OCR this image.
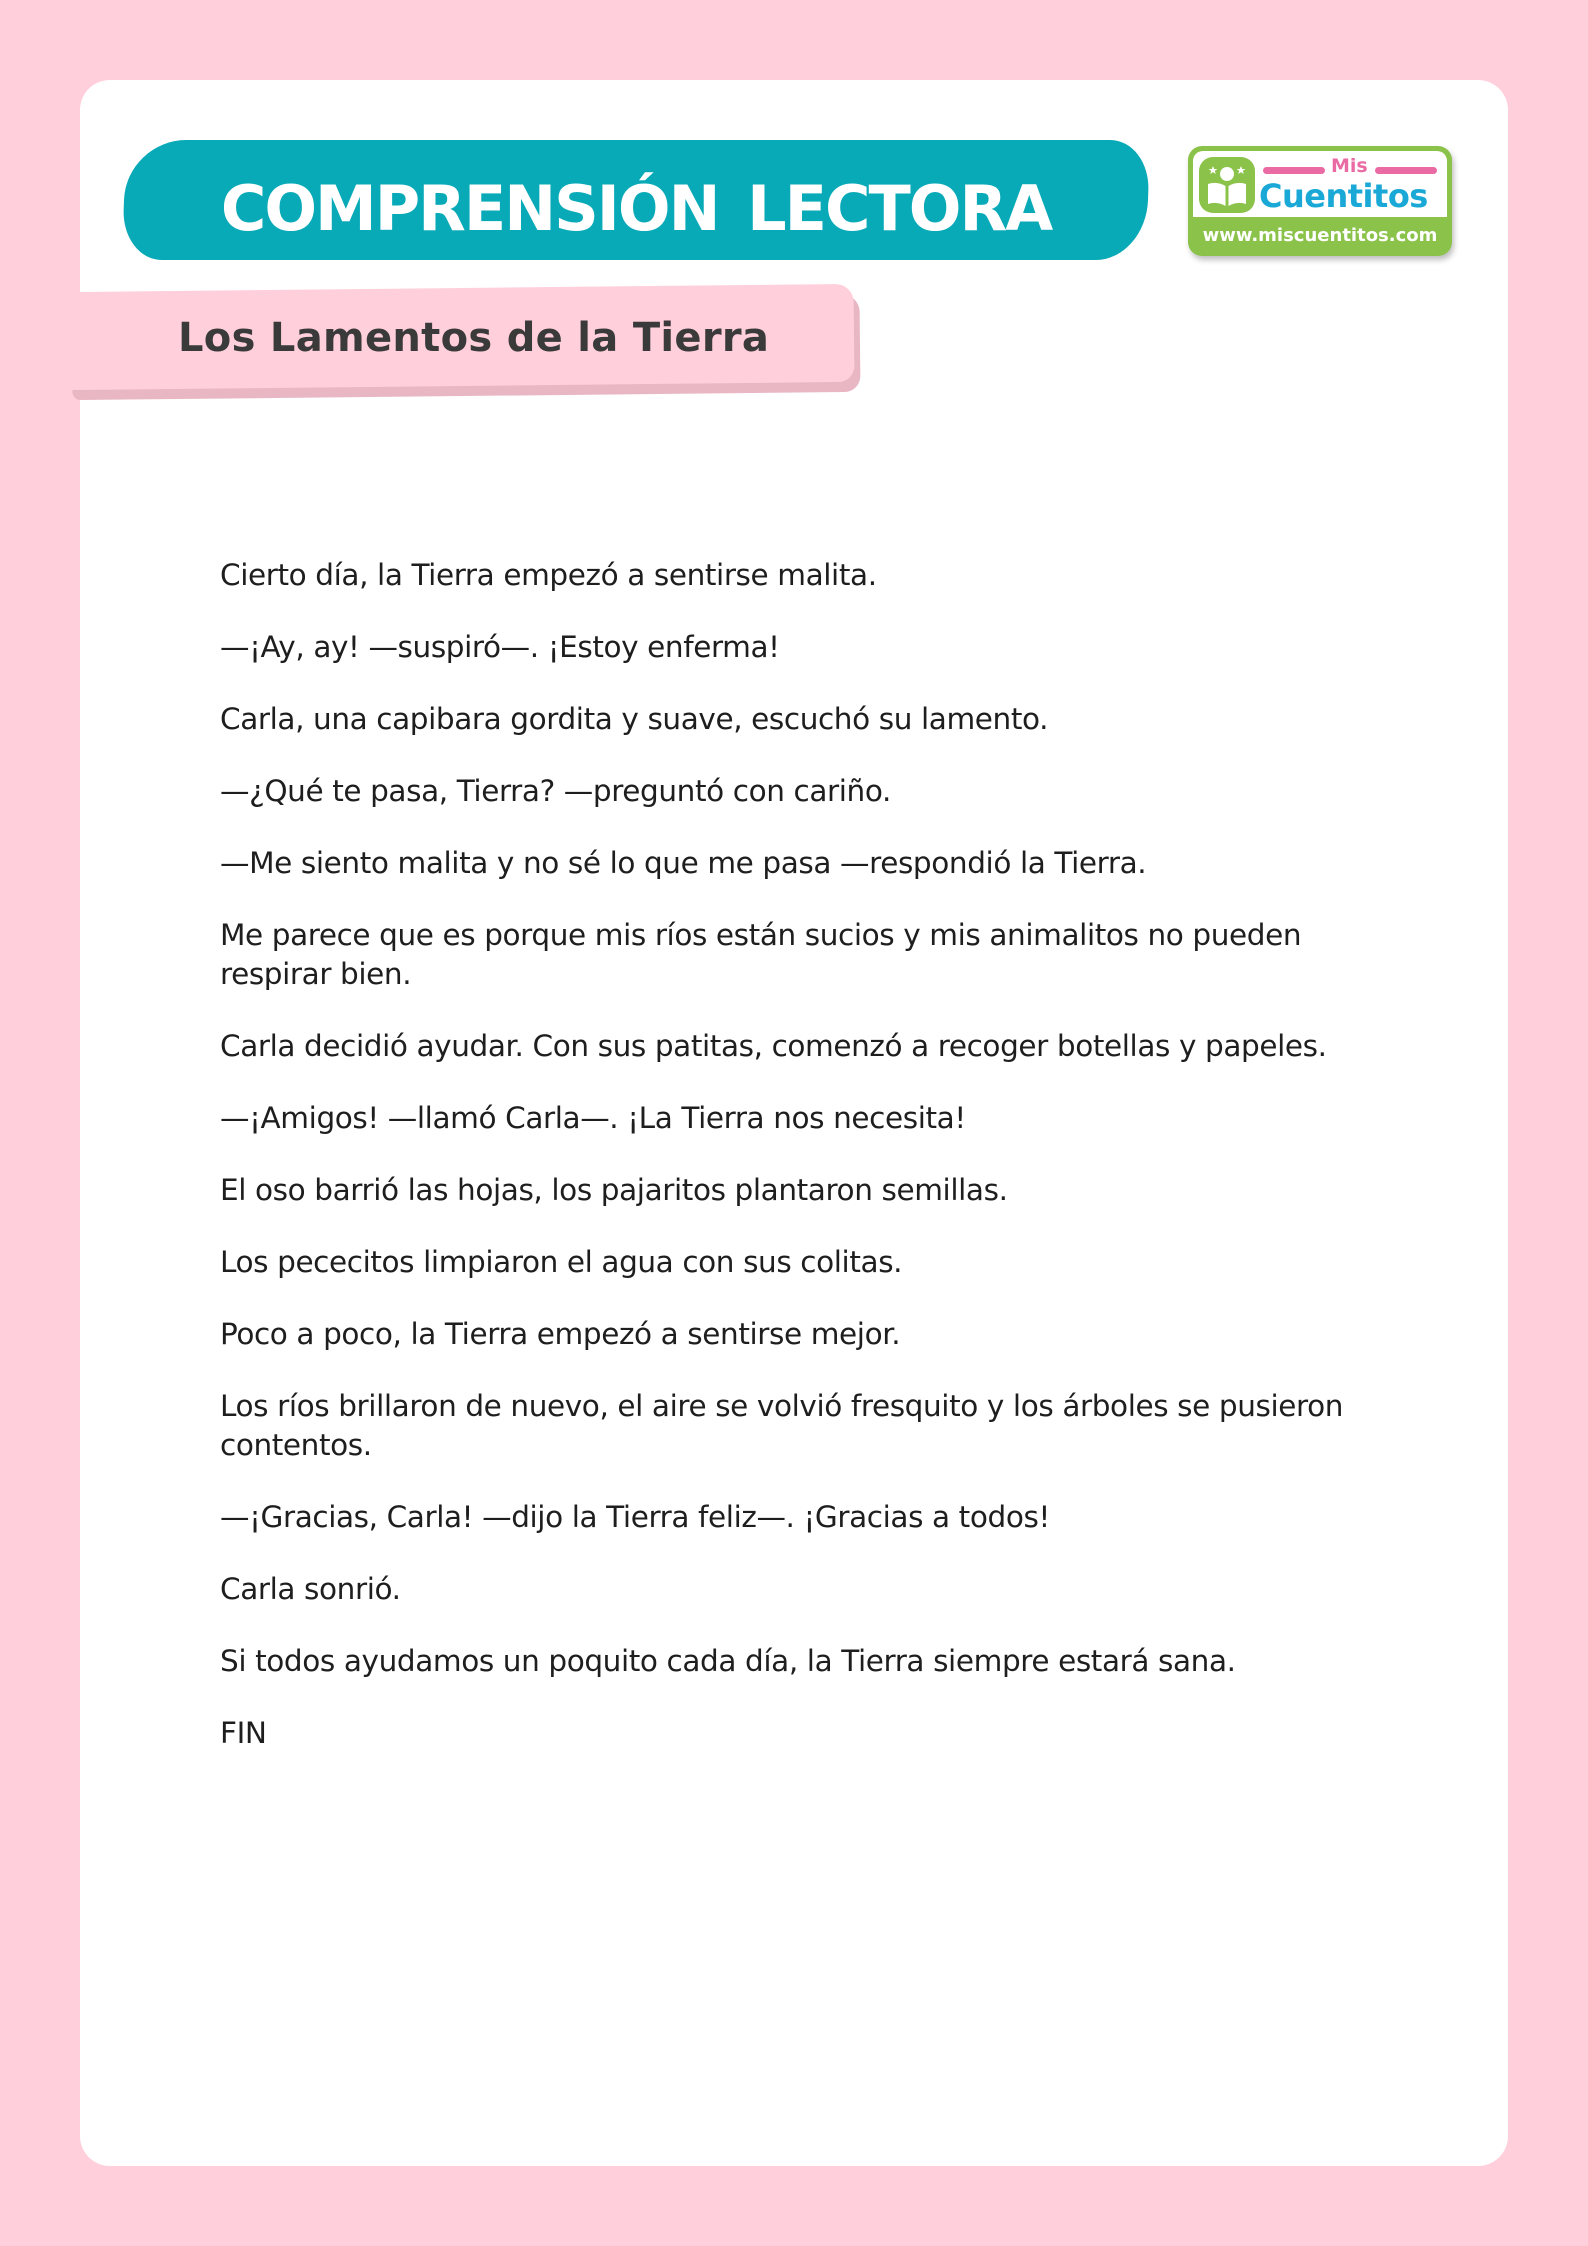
comprensión lectora	Mis
Cuentitos
www.miscuentitos.com
Los Lamentos de la Tierra

Cierto día, la Tierra empezó a sentirse malita.

—¡Ay, ay! —suspiró—. ¡Estoy enferma!

Carla, una capibara gordita y suave, escuchó su lamento.

—¿Qué te pasa, Tierra? —preguntó con cariño.

—Me siento malita y no sé lo que me pasa —respondió la Tierra.

Me parece que es porque mis ríos están sucios y mis animalitos no pueden respirar bien.

Carla decidió ayudar. Con sus patitas, comenzó a recoger botellas y papeles.

—¡Amigos! —llamó Carla—. ¡La Tierra nos necesita!

El oso barrió las hojas, los pajaritos plantaron semillas.

Los pececitos limpiaron el agua con sus colitas.

Poco a poco, la Tierra empezó a sentirse mejor.

Los ríos brillaron de nuevo, el aire se volvió fresquito y los árboles se pusieron contentos.

—¡Gracias, Carla! —dijo la Tierra feliz—. ¡Gracias a todos!

Carla sonrió.

Si todos ayudamos un poquito cada día, la Tierra siempre estará sana.

FIN
